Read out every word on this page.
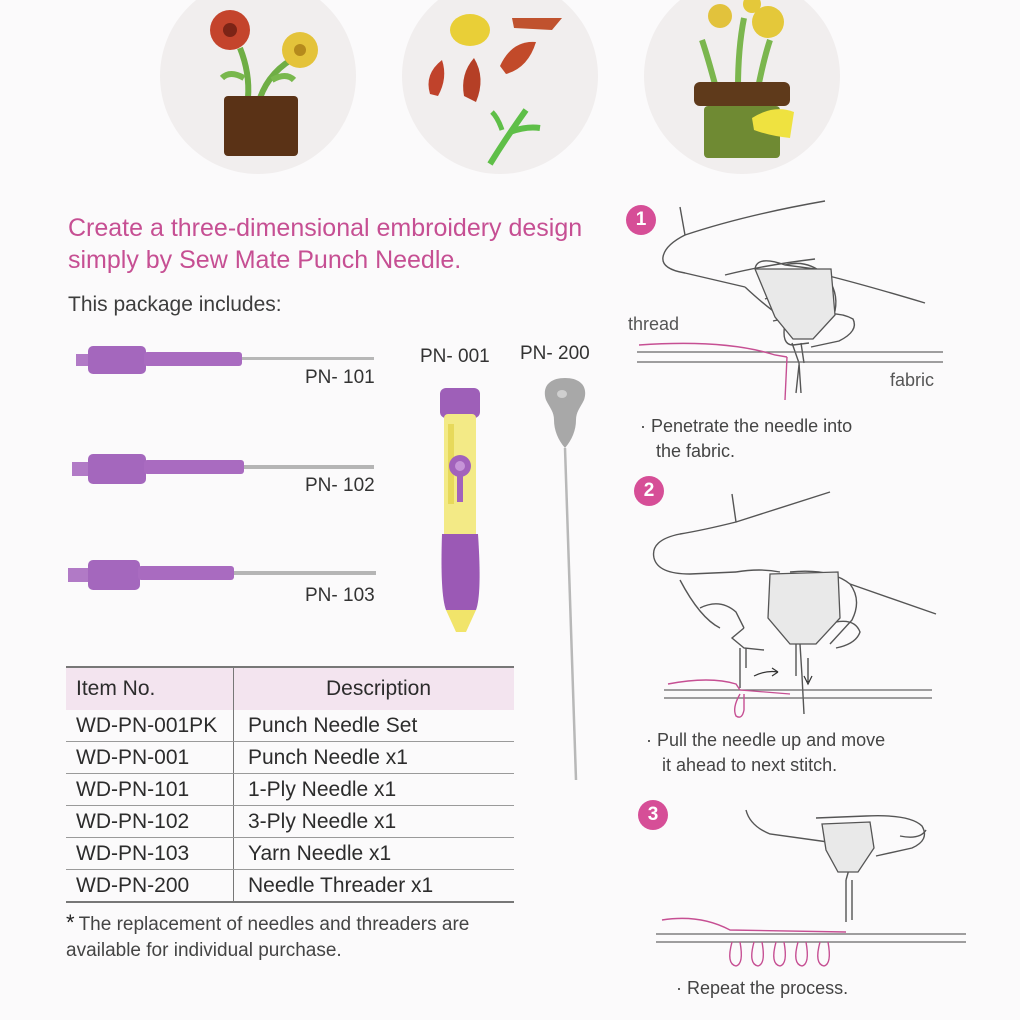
Create a three-dimensional embroidery design simply by Sew Mate Punch Needle.
This package includes:
PN- 101
PN- 102
PN- 103
PN- 001 PN- 200
Item No.	Description
WD-PN-001PK	Punch Needle Set
WD-PN-001	Punch Needle x1
WD-PN-101	1-Ply Needle x1
WD-PN-102	3-Ply Needle x1
WD-PN-103	Yarn Needle x1
WD-PN-200	Needle Threader x1
* The replacement of needles and threaders are available for individual purchase.
1
thread
fabric
· Penetrate the needle into
the fabric.
2
· Pull the needle up and move
it ahead to next stitch.
3
· Repeat the process.
